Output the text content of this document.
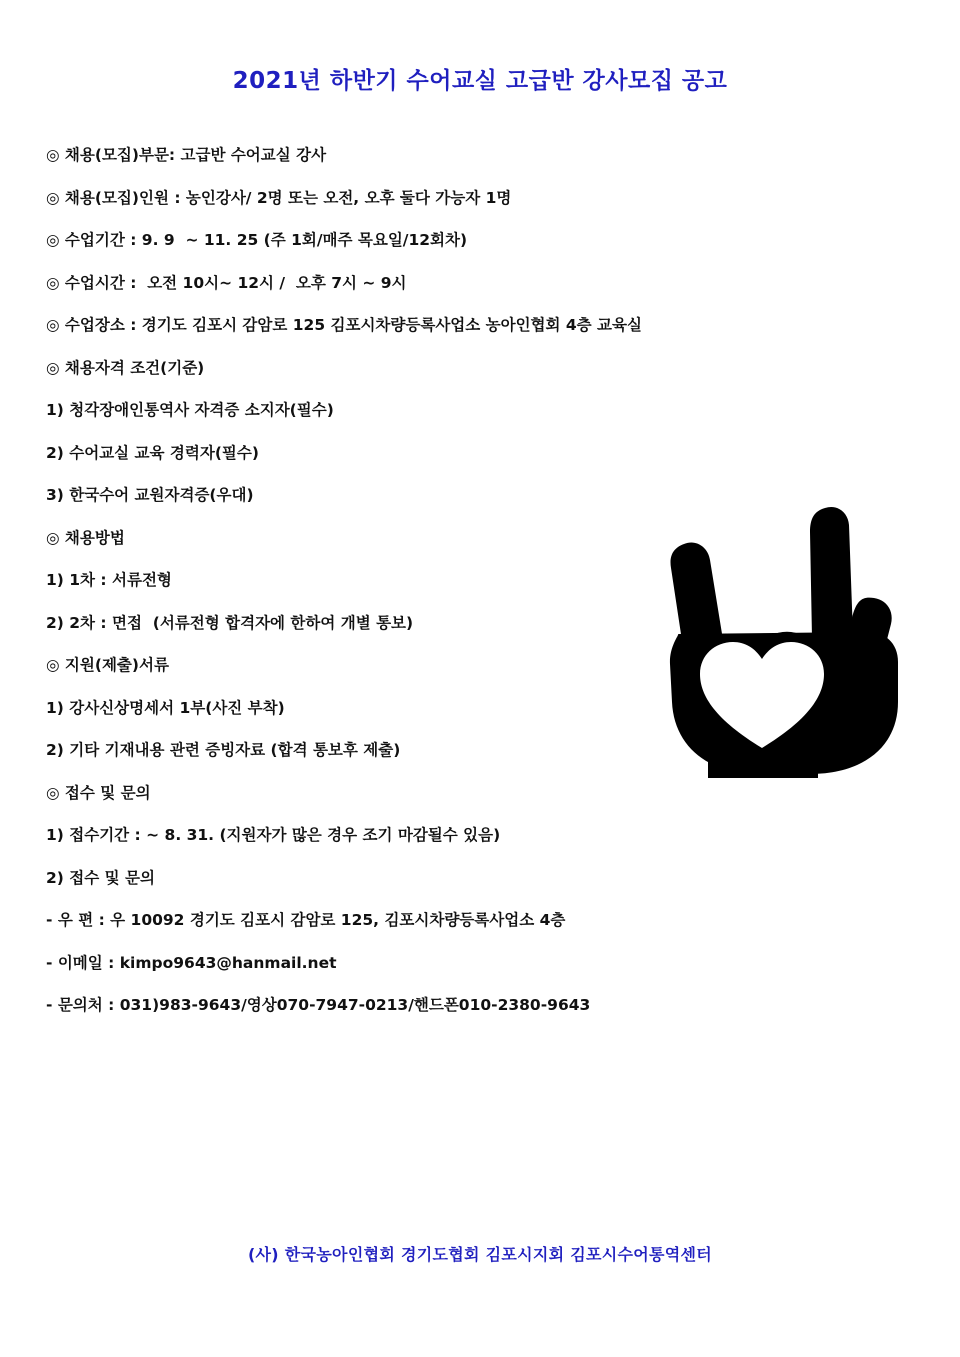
2021년 하반기 수어교실 고급반 강사모집 공고
◎ 채용(모집)부문: 고급반 수어교실 강사
◎ 채용(모집)인원 : 농인강사/ 2명 또는 오전, 오후 둘다 가능자 1명
◎ 수업기간 : 9. 9  ~ 11. 25 (주 1회/매주 목요일/12회차)
◎ 수업시간 :  오전 10시~ 12시 /  오후 7시 ~ 9시
◎ 수업장소 : 경기도 김포시 감암로 125 김포시차량등록사업소 농아인협회 4층 교육실
◎ 채용자격 조건(기준)
1) 청각장애인통역사 자격증 소지자(필수)
2) 수어교실 교육 경력자(필수)
3) 한국수어 교원자격증(우대)
◎ 채용방법
1) 1차 : 서류전형
2) 2차 : 면접  (서류전형 합격자에 한하여 개별 통보)
◎ 지원(제출)서류
1) 강사신상명세서 1부(사진 부착)
2) 기타 기재내용 관련 증빙자료 (합격 통보후 제출)
◎ 접수 및 문의
1) 접수기간 : ~ 8. 31. (지원자가 많은 경우 조기 마감될수 있음)
2) 접수 및 문의
- 우 편 : 우 10092 경기도 김포시 감암로 125, 김포시차량등록사업소 4층
- 이메일 : kimpo9643@hanmail.net
- 문의처 : 031)983-9643/영상070-7947-0213/핸드폰010-2380-9643
(사) 한국농아인협회 경기도협회 김포시지회 김포시수어통역센터
